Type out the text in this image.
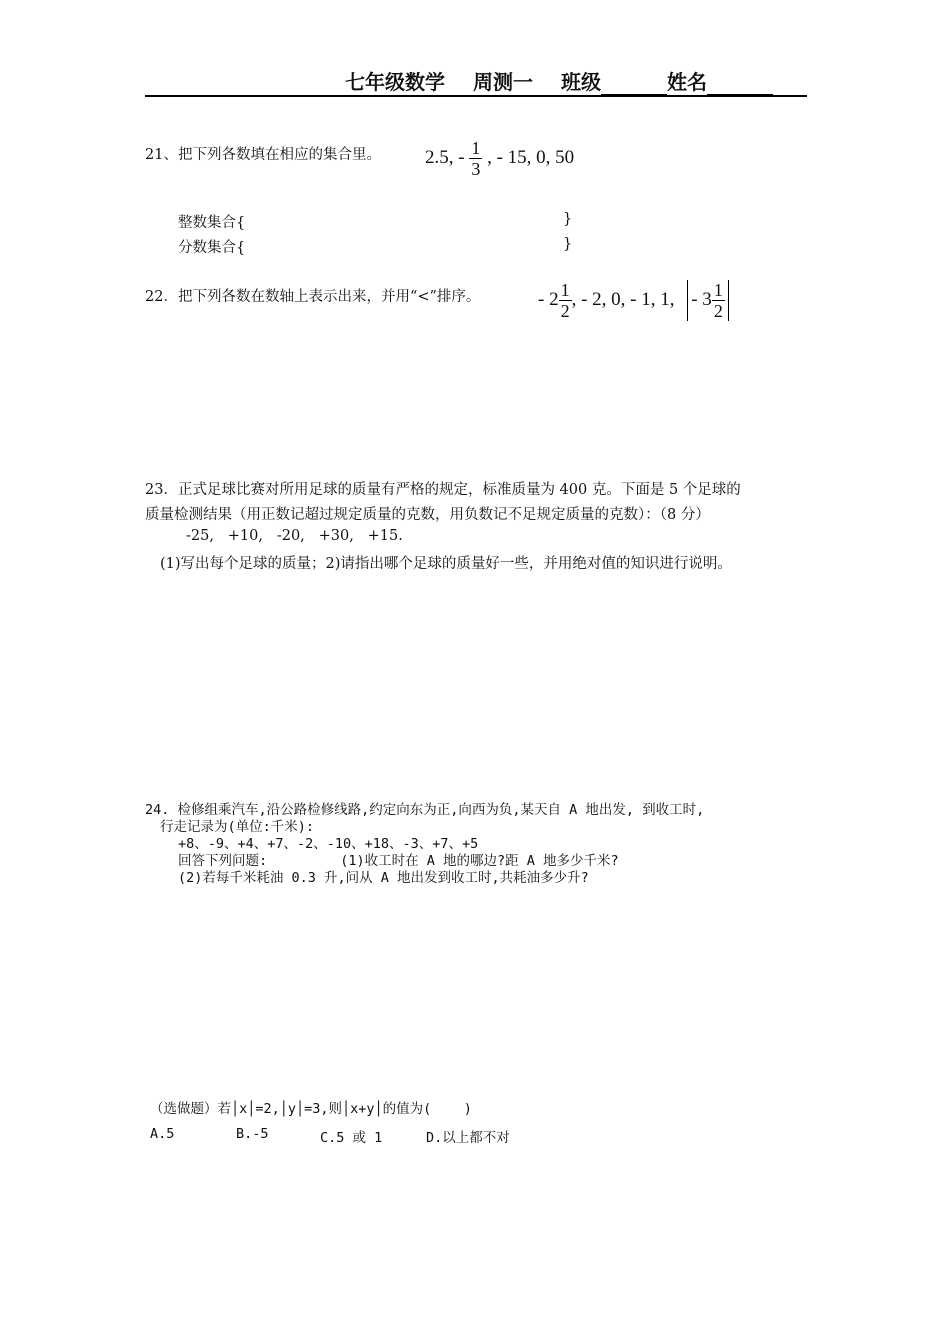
七年级数学 周测一 班级	姓名
21、把下列各数填在相应的集合里。 2.5, - $\frac{1}{3}$ , - 15, 0, 50
整数集合{	}
分数集合{	}
22．把下列各数在数轴上表示出来，并用“<”排序。	- $2 \frac{1}{2}$ , - 2, 0, - 1, 1, - $3 \frac{1}{2}$
23．正式足球比赛对所用足球的质量有严格的规定，标准质量为 400 克。下面是 5 个足球的
质量检测结果（用正数记超过规定质量的克数，用负数记不足规定质量的克数）：（8 分）
-25,   +10,   -20,   +30,   +15.
(1)写出每个足球的质量；2)请指出哪个足球的质量好一些，并用绝对值的知识进行说明。
24. 检修组乘汽车,沿公路检修线路,约定向东为正,向西为负,某天自 A 地出发, 到收工时,
行走记录为(单位:千米):
+8、-9、+4、+7、-2、-10、+18、-3、+7、+5
回答下列问题:         (1)收工时在 A 地的哪边?距 A 地多少千米?
(2)若每千米耗油 0.3 升,问从 A 地出发到收工时,共耗油多少升?
（选做题）若│x│=2,│y│=3,则│x+y│的值为(    )
A.5	B.-5	C.5 或 1	D.以上都不对
